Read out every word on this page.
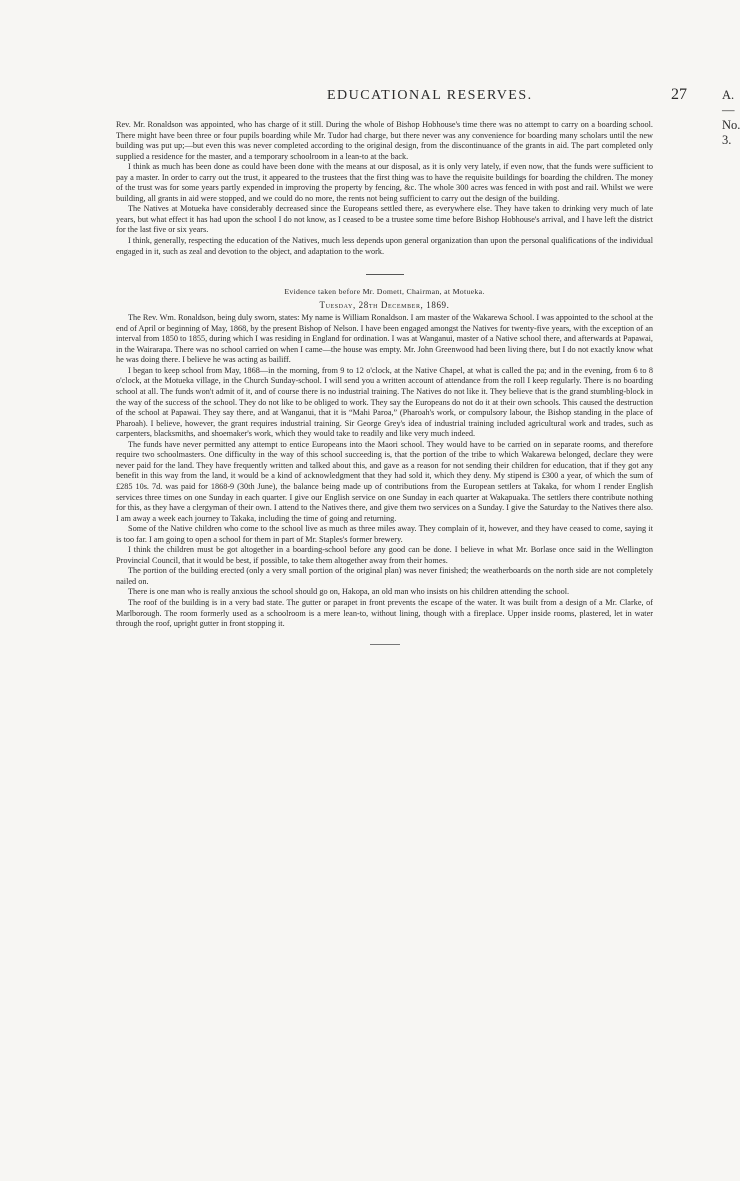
EDUCATIONAL RESERVES.	27	A.—No. 3.

Rev. Mr. Ronaldson was appointed, who has charge of it still. During the whole of Bishop Hobhouse's time there was no attempt to carry on a boarding school. There might have been three or four pupils boarding while Mr. Tudor had charge, but there never was any convenience for boarding many scholars until the new building was put up;—but even this was never completed according to the original design, from the discontinuance of the grants in aid. The part completed only supplied a residence for the master, and a temporary schoolroom in a lean-to at the back.

I think as much has been done as could have been done with the means at our disposal, as it is only very lately, if even now, that the funds were sufficient to pay a master. In order to carry out the trust, it appeared to the trustees that the first thing was to have the requisite buildings for boarding the children. The money of the trust was for some years partly expended in improving the property by fencing, &c. The whole 300 acres was fenced in with post and rail. Whilst we were building, all grants in aid were stopped, and we could do no more, the rents not being sufficient to carry out the design of the building.

The Natives at Motueka have considerably decreased since the Europeans settled there, as everywhere else. They have taken to drinking very much of late years, but what effect it has had upon the school I do not know, as I ceased to be a trustee some time before Bishop Hobhouse's arrival, and I have left the district for the last five or six years.

I think, generally, respecting the education of the Natives, much less depends upon general organization than upon the personal qualifications of the individual engaged in it, such as zeal and devotion to the object, and adaptation to the work.

Evidence taken before Mr. Domett, Chairman, at Motueka.
Tuesday, 28th December, 1869.

The Rev. Wm. Ronaldson, being duly sworn, states: My name is William Ronaldson. I am master of the Wakarewa School. I was appointed to the school at the end of April or beginning of May, 1868, by the present Bishop of Nelson. I have been engaged amongst the Natives for twenty-five years, with the exception of an interval from 1850 to 1855, during which I was residing in England for ordination. I was at Wanganui, master of a Native school there, and afterwards at Papawai, in the Wairarapa. There was no school carried on when I came—the house was empty. Mr. John Greenwood had been living there, but I do not exactly know what he was doing there. I believe he was acting as bailiff.

I began to keep school from May, 1868—in the morning, from 9 to 12 o'clock, at the Native Chapel, at what is called the pa; and in the evening, from 6 to 8 o'clock, at the Motueka village, in the Church Sunday-school. I will send you a written account of attendance from the roll I keep regularly. There is no boarding school at all. The funds won't admit of it, and of course there is no industrial training. The Natives do not like it. They believe that is the grand stumbling-block in the way of the success of the school. They do not like to be obliged to work. They say the Europeans do not do it at their own schools. This caused the destruction of the school at Papawai. They say there, and at Wanganui, that it is “Mahi Paroa,” (Pharoah's work, or compulsory labour, the Bishop standing in the place of Pharoah). I believe, however, the grant requires industrial training. Sir George Grey's idea of industrial training included agricultural work and trades, such as carpenters, blacksmiths, and shoemaker's work, which they would take to readily and like very much indeed.

The funds have never permitted any attempt to entice Europeans into the Maori school. They would have to be carried on in separate rooms, and therefore require two schoolmasters. One difficulty in the way of this school succeeding is, that the portion of the tribe to which Wakarewa belonged, declare they were never paid for the land. They have frequently written and talked about this, and gave as a reason for not sending their children for education, that if they got any benefit in this way from the land, it would be a kind of acknowledgment that they had sold it, which they deny. My stipend is £300 a year, of which the sum of £285 10s. 7d. was paid for 1868-9 (30th June), the balance being made up of contributions from the European settlers at Takaka, for whom I render English services three times on one Sunday in each quarter. I give our English service on one Sunday in each quarter at Wakapuaka. The settlers there contribute nothing for this, as they have a clergyman of their own. I attend to the Natives there, and give them two services on a Sunday. I give the Saturday to the Natives there also. I am away a week each journey to Takaka, including the time of going and returning.

Some of the Native children who come to the school live as much as three miles away. They complain of it, however, and they have ceased to come, saying it is too far. I am going to open a school for them in part of Mr. Staples's former brewery.

I think the children must be got altogether in a boarding-school before any good can be done. I believe in what Mr. Borlase once said in the Wellington Provincial Council, that it would be best, if possible, to take them altogether away from their homes.

The portion of the building erected (only a very small portion of the original plan) was never finished; the weatherboards on the north side are not completely nailed on.

There is one man who is really anxious the school should go on, Hakopa, an old man who insists on his children attending the school.

The roof of the building is in a very bad state. The gutter or parapet in front prevents the escape of the water. It was built from a design of a Mr. Clarke, of Marlborough. The room formerly used as a schoolroom is a mere lean-to, without lining, though with a fireplace. Upper inside rooms, plastered, let in water through the roof, upright gutter in front stopping it.
